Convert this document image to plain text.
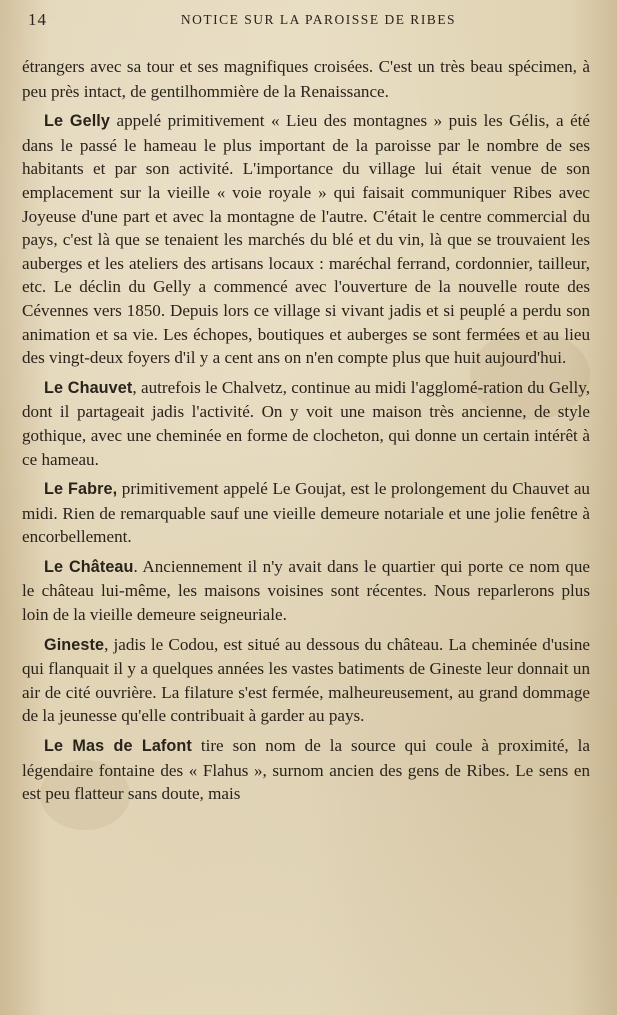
14	NOTICE SUR LA PAROISSE DE RIBES

étrangers avec sa tour et ses magnifiques croisées. C'est un très beau spécimen, à peu près intact, de gentilhommière de la Renaissance.

Le Gelly appelé primitivement « Lieu des montagnes » puis les Gélis, a été dans le passé le hameau le plus important de la paroisse par le nombre de ses habitants et par son activité. L'importance du village lui était venue de son emplacement sur la vieille « voie royale » qui faisait communiquer Ribes avec Joyeuse d'une part et avec la montagne de l'autre. C'était le centre commercial du pays, c'est là que se tenaient les marchés du blé et du vin, là que se trouvaient les auberges et les ateliers des artisans locaux : maréchal ferrand, cordonnier, tailleur, etc. Le déclin du Gelly a commencé avec l'ouverture de la nouvelle route des Cévennes vers 1850. Depuis lors ce village si vivant jadis et si peuplé a perdu son animation et sa vie. Les échopes, boutiques et auberges se sont fermées et au lieu des vingt-deux foyers d'il y a cent ans on n'en compte plus que huit aujourd'hui.

Le Chauvet, autrefois le Chalvetz, continue au midi l'agglomé-ration du Gelly, dont il partageait jadis l'activité. On y voit une maison très ancienne, de style gothique, avec une cheminée en forme de clocheton, qui donne un certain intérêt à ce hameau.

Le Fabre, primitivement appelé Le Goujat, est le prolongement du Chauvet au midi. Rien de remarquable sauf une vieille demeure notariale et une jolie fenêtre à encorbellement.

Le Château. Anciennement il n'y avait dans le quartier qui porte ce nom que le château lui-même, les maisons voisines sont récentes. Nous reparlerons plus loin de la vieille demeure seigneuriale.

Gineste, jadis le Codou, est situé au dessous du château. La cheminée d'usine qui flanquait il y a quelques années les vastes batiments de Gineste leur donnait un air de cité ouvrière. La filature s'est fermée, malheureusement, au grand dommage de la jeunesse qu'elle contribuait à garder au pays.

Le Mas de Lafont tire son nom de la source qui coule à proximité, la légendaire fontaine des « Flahus », surnom ancien des gens de Ribes. Le sens en est peu flatteur sans doute, mais
